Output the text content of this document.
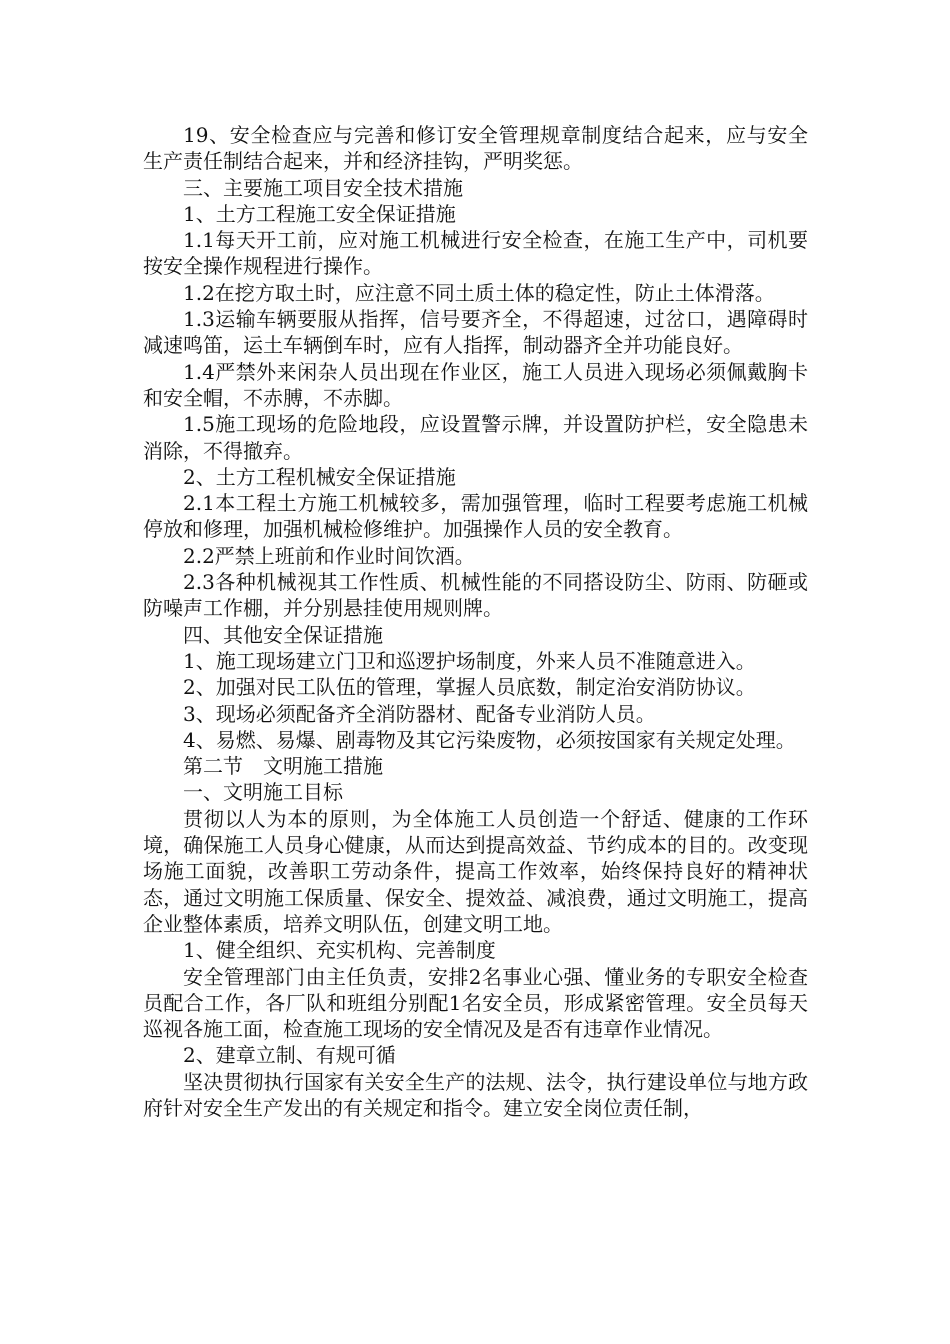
19、安全检查应与完善和修订安全管理规章制度结合起来，应与安全生产责任制结合起来，并和经济挂钩，严明奖惩。

三、主要施工项目安全技术措施

1、土方工程施工安全保证措施

1.1每天开工前，应对施工机械进行安全检查，在施工生产中，司机要按安全操作规程进行操作。

1.2在挖方取土时，应注意不同土质土体的稳定性，防止土体滑落。

1.3运输车辆要服从指挥，信号要齐全，不得超速，过岔口，遇障碍时减速鸣笛，运土车辆倒车时，应有人指挥，制动器齐全并功能良好。

1.4严禁外来闲杂人员出现在作业区，施工人员进入现场必须佩戴胸卡和安全帽，不赤膊，不赤脚。

1.5施工现场的危险地段，应设置警示牌，并设置防护栏，安全隐患未消除，不得撤弃。

2、土方工程机械安全保证措施

2.1本工程土方施工机械较多，需加强管理，临时工程要考虑施工机械停放和修理，加强机械检修维护。加强操作人员的安全教育。

2.2严禁上班前和作业时间饮酒。

2.3各种机械视其工作性质、机械性能的不同搭设防尘、防雨、防砸或防噪声工作棚，并分别悬挂使用规则牌。

四、其他安全保证措施

1、施工现场建立门卫和巡逻护场制度，外来人员不准随意进入。

2、加强对民工队伍的管理，掌握人员底数，制定治安消防协议。

3、现场必须配备齐全消防器材、配备专业消防人员。

4、易燃、易爆、剧毒物及其它污染废物，必须按国家有关规定处理。

第二节　文明施工措施

一、文明施工目标

贯彻以人为本的原则，为全体施工人员创造一个舒适、健康的工作环境，确保施工人员身心健康，从而达到提高效益、节约成本的目的。改变现场施工面貌，改善职工劳动条件，提高工作效率，始终保持良好的精神状态，通过文明施工保质量、保安全、提效益、减浪费，通过文明施工，提高企业整体素质，培养文明队伍，创建文明工地。

1、健全组织、充实机构、完善制度

安全管理部门由主任负责，安排2名事业心强、懂业务的专职安全检查员配合工作，各厂队和班组分别配1名安全员，形成紧密管理。安全员每天巡视各施工面，检查施工现场的安全情况及是否有违章作业情况。

2、建章立制、有规可循

坚决贯彻执行国家有关安全生产的法规、法令，执行建设单位与地方政府针对安全生产发出的有关规定和指令。建立安全岗位责任制，
